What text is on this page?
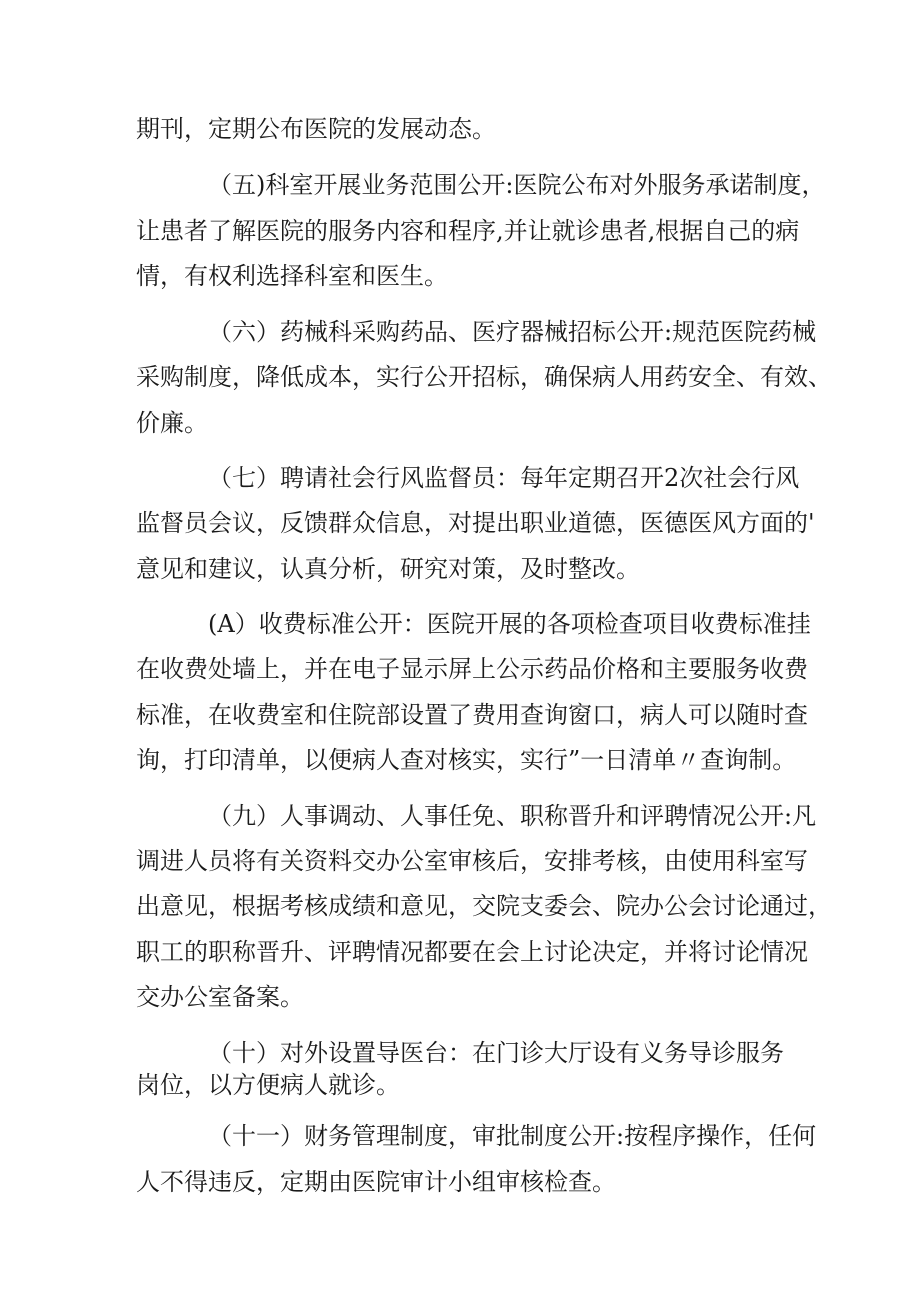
期刊，定期公布医院的发展动态。

（五)科室开展业务范围公开:医院公布对外服务承诺制度，

让患者了解医院的服务内容和程序,并让就诊患者,根据自己的病

情，有权利选择科室和医生。

（六）药械科采购药品、医疗器械招标公开:规范医院药械

采购制度，降低成本，实行公开招标，确保病人用药安全、有效、

价廉。

（七）聘请社会行风监督员：每年定期召开2次社会行风

监督员会议，反馈群众信息，对提出职业道德，医德医风方面的'

意见和建议，认真分析，研究对策，及时整改。

(A）收费标准公开：医院开展的各项检查项目收费标准挂

在收费处墙上，并在电子显示屏上公示药品价格和主要服务收费

标准，在收费室和住院部设置了费用查询窗口，病人可以随时查

询，打印清单，以便病人查对核实，实行”一日清单〃查询制。

（九）人事调动、人事任免、职称晋升和评聘情况公开:凡

调进人员将有关资料交办公室审核后，安排考核，由使用科室写

出意见，根据考核成绩和意见，交院支委会、院办公会讨论通过，

职工的职称晋升、评聘情况都要在会上讨论决定，并将讨论情况

交办公室备案。

（十）对外设置导医台：在门诊大厅设有义务导诊服务

岗位，以方便病人就诊。

（十一）财务管理制度，审批制度公开:按程序操作，任何

人不得违反，定期由医院审计小组审核检查。
